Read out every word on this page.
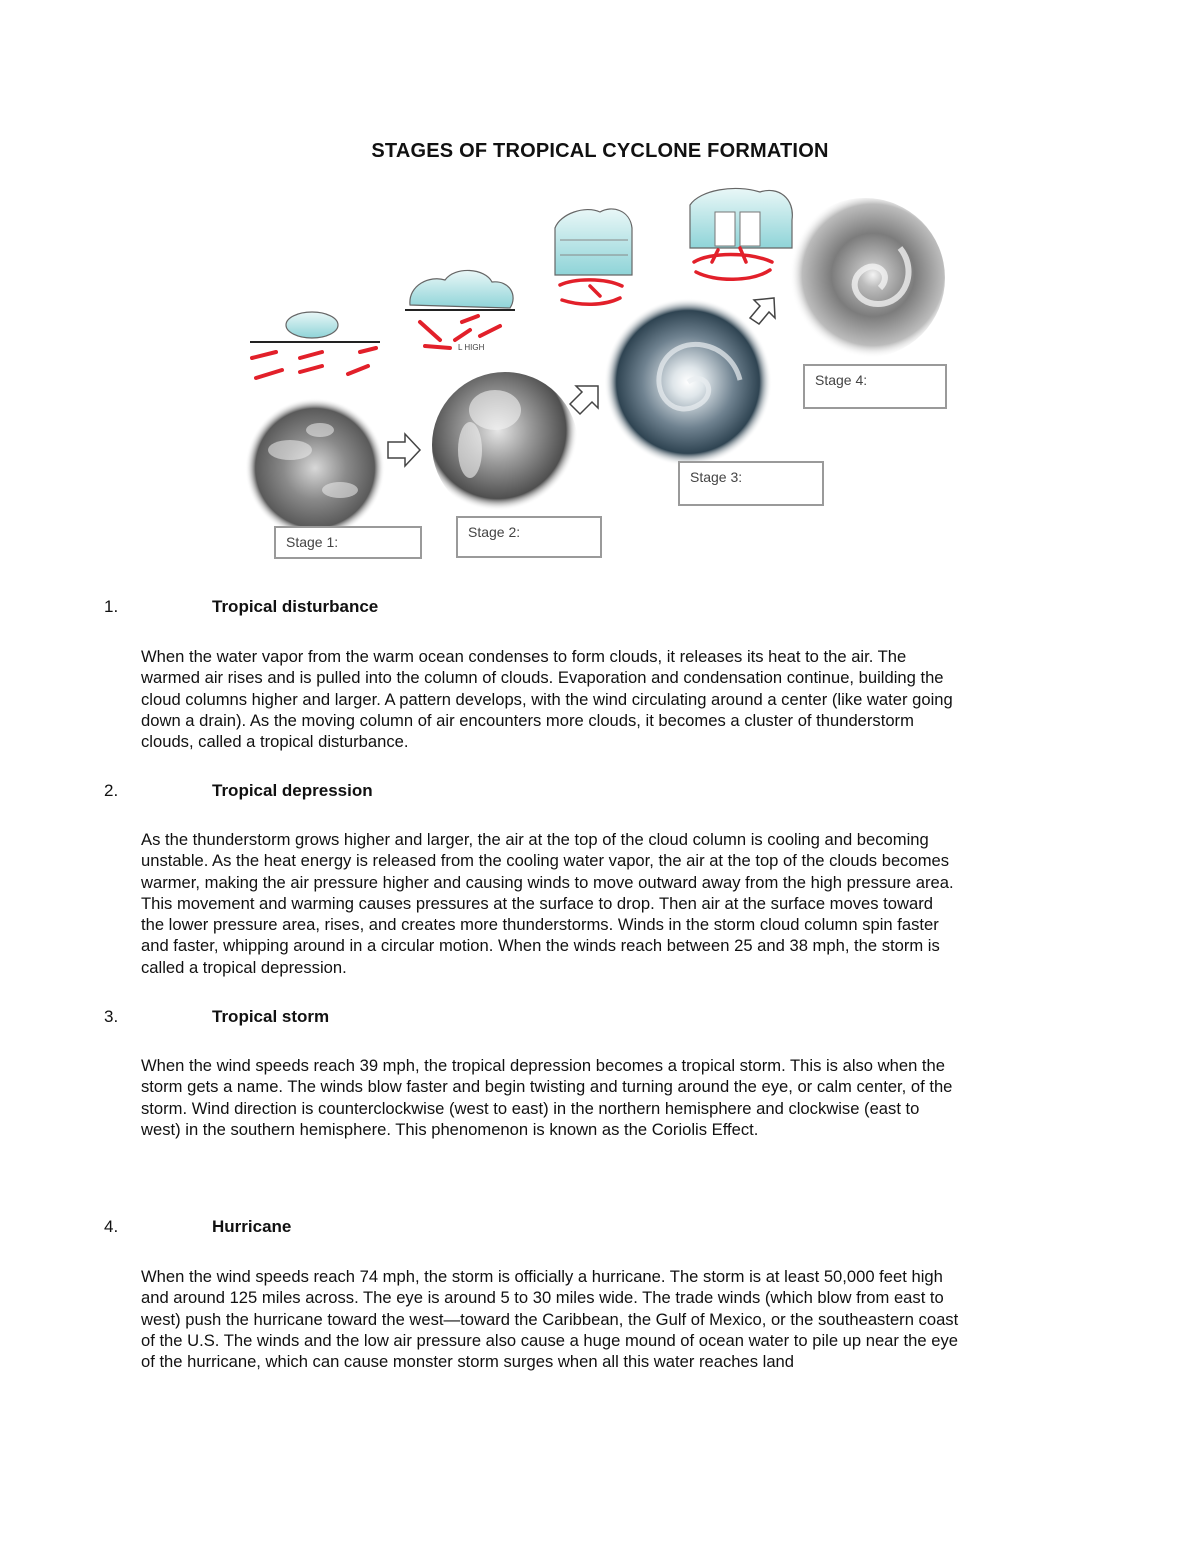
STAGES OF TROPICAL CYCLONE FORMATION
L HIGH
Stage 1:
Stage 2:
Stage 3:
Stage 4:
1.	Tropical disturbance
When the water vapor from the warm ocean condenses to form clouds, it releases its heat to the air. The
warmed air rises and is pulled into the column of clouds. Evaporation and condensation continue, building the
cloud columns higher and larger. A pattern develops, with the wind circulating around a center (like water going
down a drain). As the moving column of air encounters more clouds, it becomes a cluster of thunderstorm
clouds, called a tropical disturbance.
2.	Tropical depression
As the thunderstorm grows higher and larger, the air at the top of the cloud column is cooling and becoming
unstable. As the heat energy is released from the cooling water vapor, the air at the top of the clouds becomes
warmer, making the air pressure higher and causing winds to move outward away from the high pressure area.
This movement and warming causes pressures at the surface to drop. Then air at the surface moves toward
the lower pressure area, rises, and creates more thunderstorms. Winds in the storm cloud column spin faster
and faster, whipping around in a circular motion. When the winds reach between 25 and 38 mph, the storm is
called a tropical depression.
3.	Tropical storm
When the wind speeds reach 39 mph, the tropical depression becomes a tropical storm. This is also when the
storm gets a name. The winds blow faster and begin twisting and turning around the eye, or calm center, of the
storm. Wind direction is counterclockwise (west to east) in the northern hemisphere and clockwise (east to
west) in the southern hemisphere. This phenomenon is known as the Coriolis Effect.
4.	Hurricane
When the wind speeds reach 74 mph, the storm is officially a hurricane. The storm is at least 50,000 feet high
and around 125 miles across. The eye is around 5 to 30 miles wide. The trade winds (which blow from east to
west) push the hurricane toward the west—toward the Caribbean, the Gulf of Mexico, or the southeastern coast
of the U.S. The winds and the low air pressure also cause a huge mound of ocean water to pile up near the eye
of the hurricane, which can cause monster storm surges when all this water reaches land
